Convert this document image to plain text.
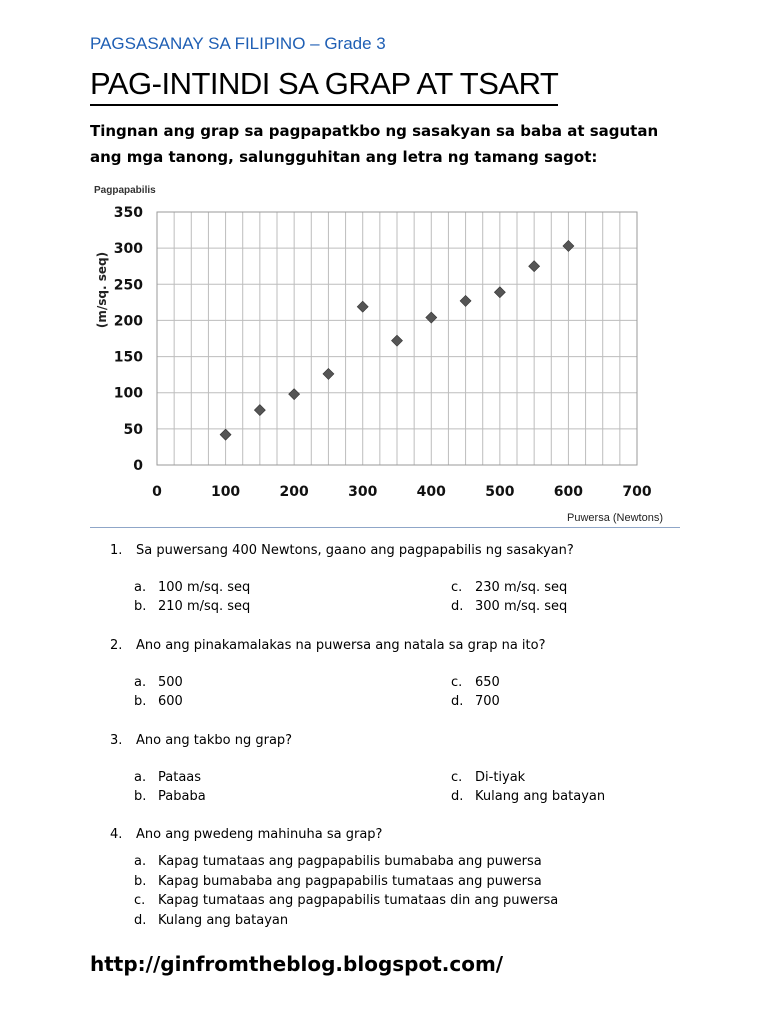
PAGSASANAY SA FILIPINO – Grade 3
PAG-INTINDI SA GRAP AT TSART
Tingnan ang grap sa pagpapatkbo ng sasakyan sa baba at sagutan ang mga tanong, salungguhitan ang letra ng tamang sagot:
0
50
100
150
200
250
300
350
0	100	200	300	400	500	600	700
Pagpapabilis
(m/sq. seq)
Puwersa (Newtons)
1. Sa puwersang 400 Newtons, gaano ang pagpapabilis ng sasakyan?
a. 100 m/sq. seq
b. 210 m/sq. seq
c. 230 m/sq. seq
d. 300 m/sq. seq
2. Ano ang pinakamalakas na puwersa ang natala sa grap na ito?
a. 500
b. 600
c. 650
d. 700
3. Ano ang takbo ng grap?
a. Pataas
b. Pababa
c. Di-tiyak
d. Kulang ang batayan
4. Ano ang pwedeng mahinuha sa grap?
a. Kapag tumataas ang pagpapabilis bumababa ang puwersa
b. Kapag bumababa ang pagpapabilis tumataas ang puwersa
c. Kapag tumataas ang pagpapabilis tumataas din ang puwersa
d. Kulang ang batayan
http://ginfromtheblog.blogspot.com/
